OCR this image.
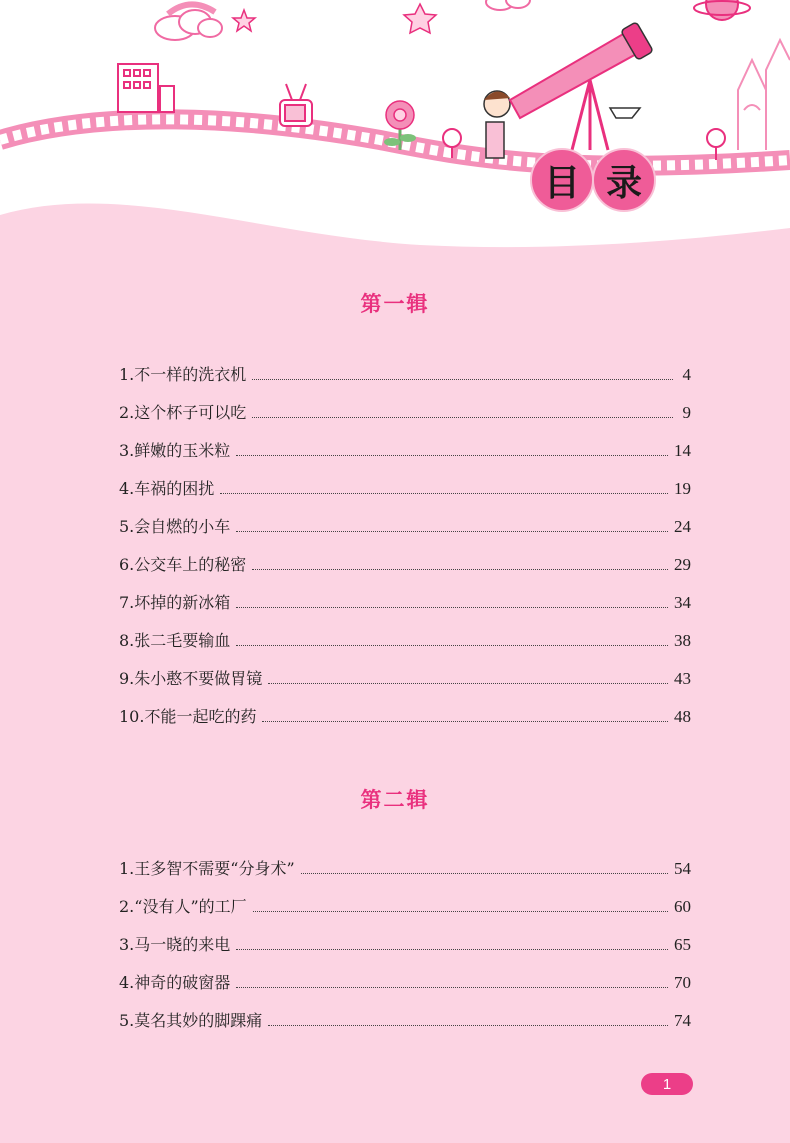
目 录
第一辑
1.不一样的洗衣机	4
2.这个杯子可以吃	9
3.鲜嫩的玉米粒	14
4.车祸的困扰	19
5.会自燃的小车	24
6.公交车上的秘密	29
7.坏掉的新冰箱	34
8.张二毛要输血	38
9.朱小憨不要做胃镜	43
10.不能一起吃的药	48
第二辑
1.王多智不需要“分身术”	54
2.“没有人”的工厂	60
3.马一晓的来电	65
4.神奇的破窗器	70
5.莫名其妙的脚踝痛	74
1
